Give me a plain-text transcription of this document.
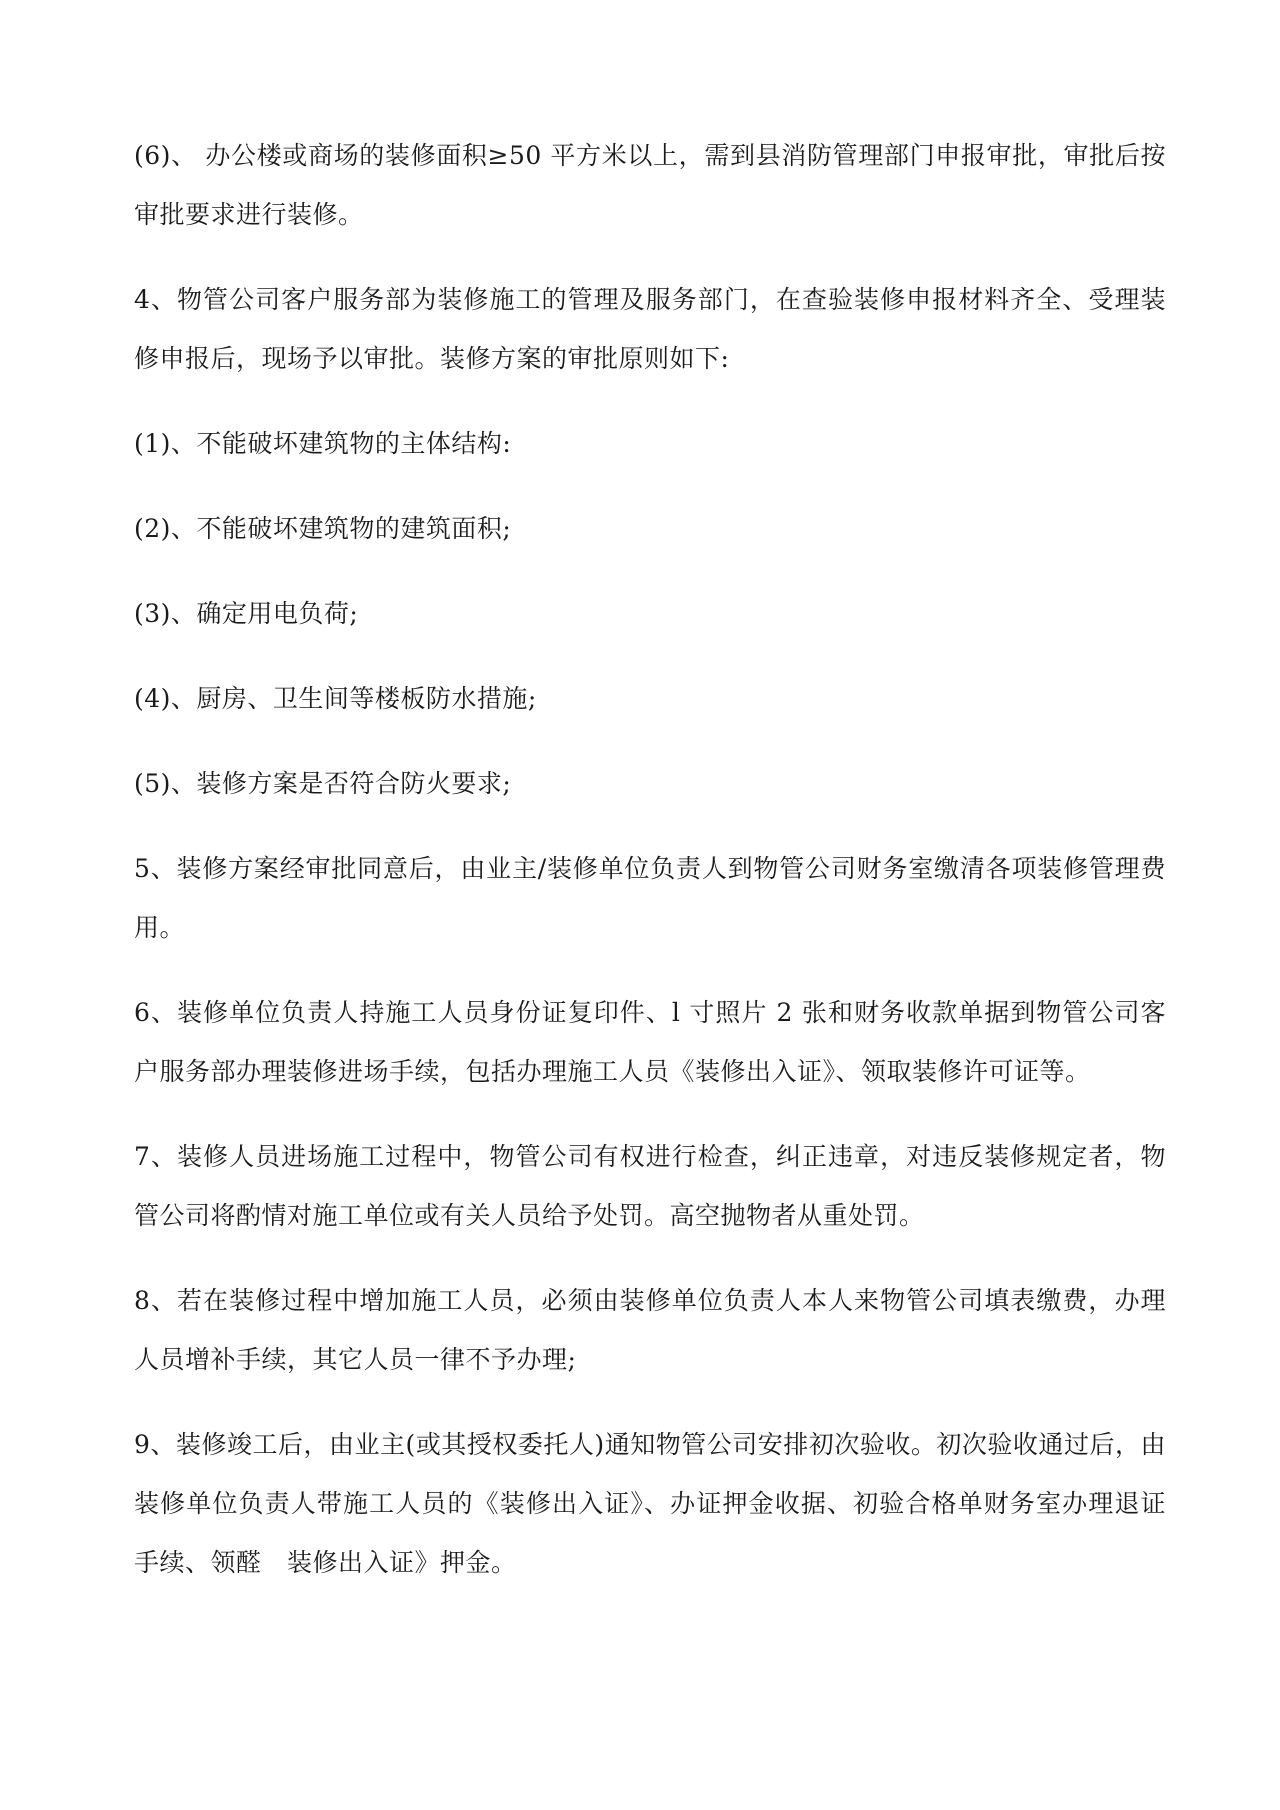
(6)、 办公楼或商场的装修面积≥50 平方米以上，需到县消防管理部门申报审批，审批后按审批要求进行装修。

4、物管公司客户服务部为装修施工的管理及服务部门，在查验装修申报材料齐全、受理装修申报后，现场予以审批。装修方案的审批原则如下:

(1)、不能破坏建筑物的主体结构:

(2)、不能破坏建筑物的建筑面积;

(3)、确定用电负荷;

(4)、厨房、卫生间等楼板防水措施;

(5)、装修方案是否符合防火要求;

5、装修方案经审批同意后，由业主/装修单位负责人到物管公司财务室缴清各项装修管理费用。

6、装修单位负责人持施工人员身份证复印件、l 寸照片 2 张和财务收款单据到物管公司客户服务部办理装修进场手续，包括办理施工人员《装修出入证》、领取装修许可证等。

7、装修人员进场施工过程中，物管公司有权进行检查，纠正违章，对违反装修规定者，物管公司将酌情对施工单位或有关人员给予处罚。高空抛物者从重处罚。

8、若在装修过程中增加施工人员，必须由装修单位负责人本人来物管公司填表缴费，办理人员增补手续，其它人员一律不予办理;

9、装修竣工后，由业主(或其授权委托人)通知物管公司安排初次验收。初次验收通过后，由装修单位负责人带施工人员的《装修出入证》、办证押金收据、初验合格单财务室办理退证手续、领醛　装修出入证》押金。
